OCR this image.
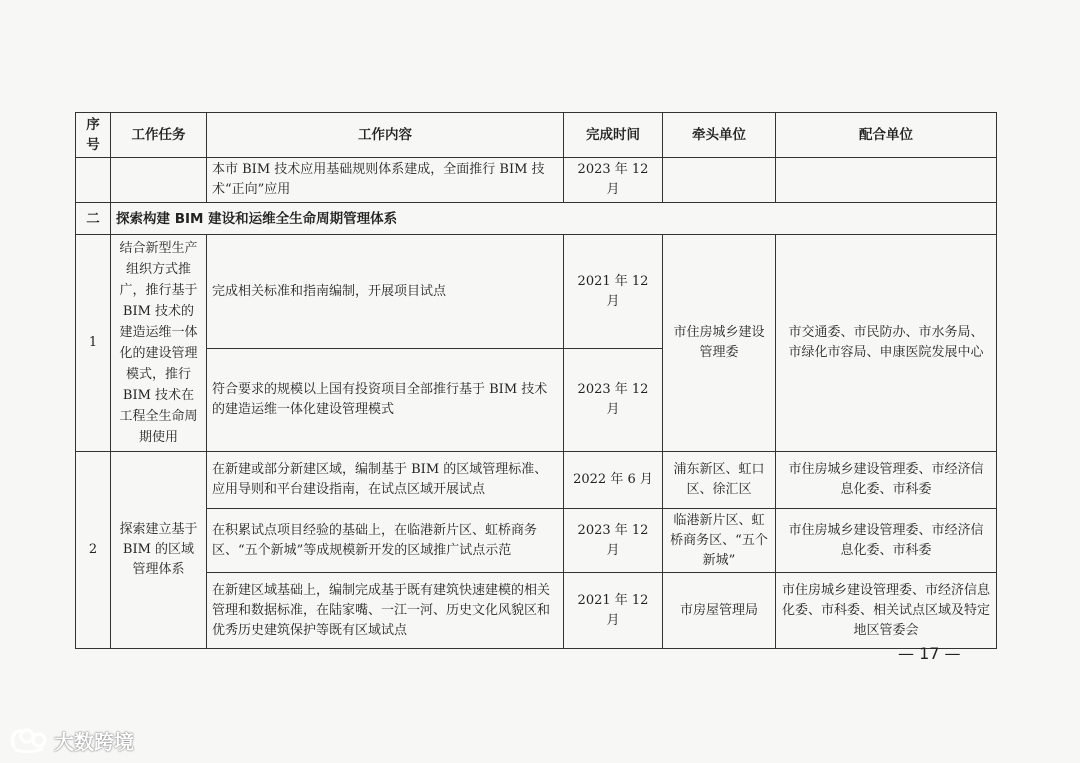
序号	工作任务	工作内容	完成时间	牵头单位	配合单位
		本市 BIM 技术应用基础规则体系建成，全面推行 BIM 技术“正向”应用	2023 年 12 月		
二	探索构建 BIM 建设和运维全生命周期管理体系				
1	结合新型生产组织方式推广，推行基于 BIM 技术的建造运维一体化的建设管理模式，推行 BIM 技术在工程全生命周期使用	完成相关标准和指南编制，开展项目试点	2021 年 12 月	市住房城乡建设管理委	市交通委、市民防办、市水务局、市绿化市容局、申康医院发展中心
		符合要求的规模以上国有投资项目全部推行基于 BIM 技术的建造运维一体化建设管理模式	2023 年 12 月		
2	探索建立基于 BIM 的区域管理体系	在新建或部分新建区域，编制基于 BIM 的区域管理标准、应用导则和平台建设指南，在试点区域开展试点	2022 年 6 月	浦东新区、虹口区、徐汇区	市住房城乡建设管理委、市经济信息化委、市科委
		在积累试点项目经验的基础上，在临港新片区、虹桥商务区、“五个新城”等成规模新开发的区域推广试点示范	2023 年 12 月	临港新片区、虹桥商务区、“五个新城”	市住房城乡建设管理委、市经济信息化委、市科委
		在新建区域基础上，编制完成基于既有建筑快速建模的相关管理和数据标准，在陆家嘴、一江一河、历史文化风貌区和优秀历史建筑保护等既有区域试点	2021 年 12 月	市房屋管理局	市住房城乡建设管理委、市经济信息化委、市科委、相关试点区域及特定地区管委会
— 17 —
大数跨境
